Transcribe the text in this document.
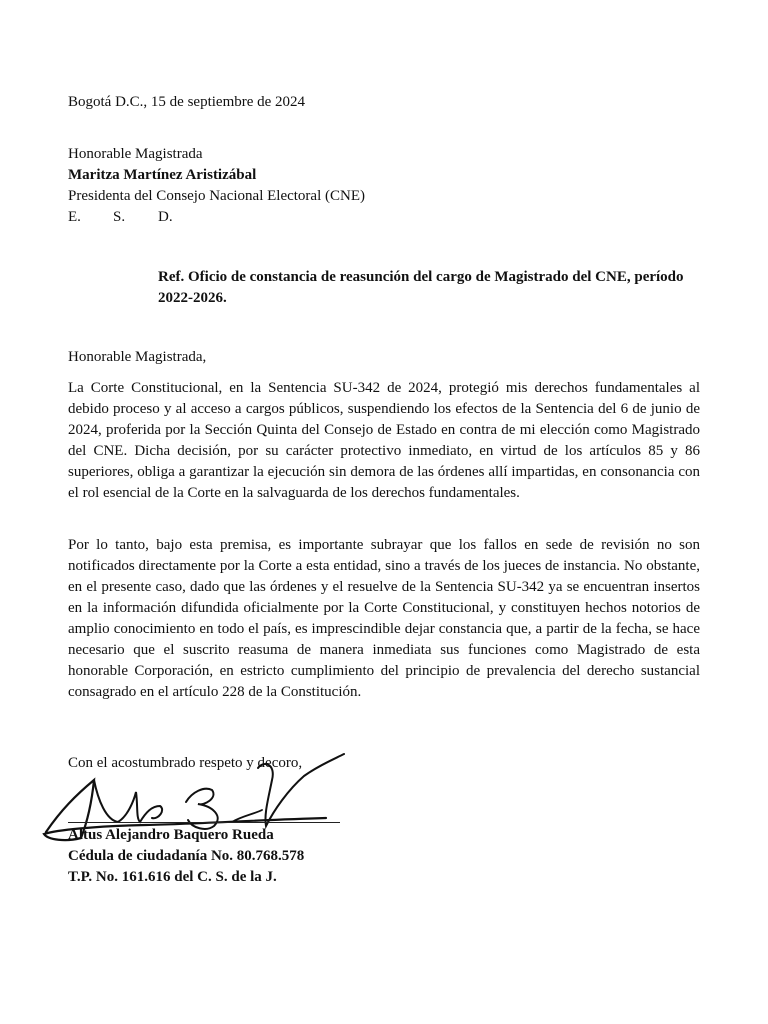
Bogotá D.C., 15 de septiembre de 2024
Honorable Magistrada
Maritza Martínez Aristizábal
Presidenta del Consejo Nacional Electoral (CNE)
E.	S.	D.
Ref. Oficio de constancia de reasunción del cargo de Magistrado del CNE, período 2022-2026.
Honorable Magistrada,

La Corte Constitucional, en la Sentencia SU-342 de 2024, protegió mis derechos fundamentales al debido proceso y al acceso a cargos públicos, suspendiendo los efectos de la Sentencia del 6 de junio de 2024, proferida por la Sección Quinta del Consejo de Estado en contra de mi elección como Magistrado del CNE. Dicha decisión, por su carácter protectivo inmediato, en virtud de los artículos 85 y 86 superiores, obliga a garantizar la ejecución sin demora de las órdenes allí impartidas, en consonancia con el rol esencial de la Corte en la salvaguarda de los derechos fundamentales.

Por lo tanto, bajo esta premisa, es importante subrayar que los fallos en sede de revisión no son notificados directamente por la Corte a esta entidad, sino a través de los jueces de instancia. No obstante, en el presente caso, dado que las órdenes y el resuelve de la Sentencia SU-342 ya se encuentran insertos en la información difundida oficialmente por la Corte Constitucional, y constituyen hechos notorios de amplio conocimiento en todo el país, es imprescindible dejar constancia que, a partir de la fecha, se hace necesario que el suscrito reasuma de manera inmediata sus funciones como Magistrado de esta honorable Corporación, en estricto cumplimiento del principio de prevalencia del derecho sustancial consagrado en el artículo 228 de la Constitución.

Con el acostumbrado respeto y decoro,
Altus Alejandro Baquero Rueda
Cédula de ciudadanía No. 80.768.578
T.P. No. 161.616 del C. S. de la J.
